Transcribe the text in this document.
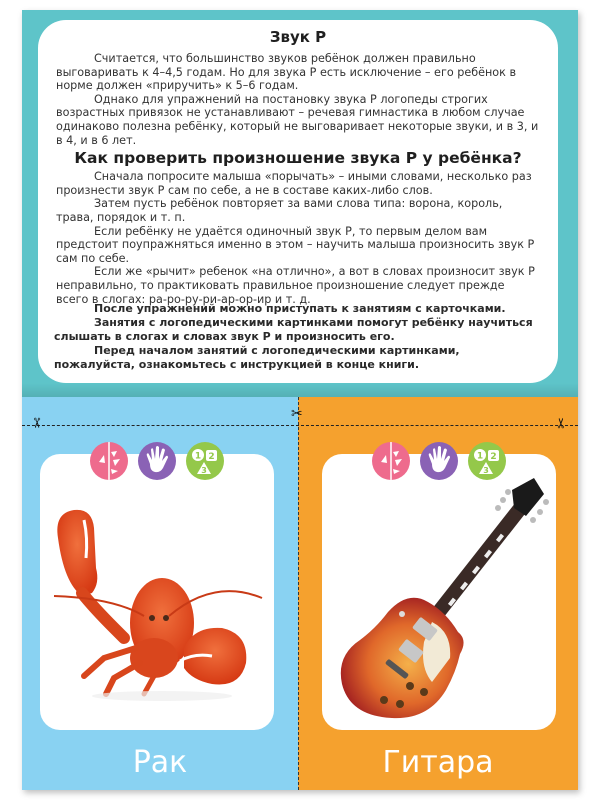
Звук Р

Считается, что большинство звуков ребёнок должен правильно выговаривать к 4–4,5 годам. Но для звука Р есть исключение – его ребёнок в норме должен «приручить» к 5–6 годам.

Однако для упражнений на постановку звука Р логопеды строгих возрастных привязок не устанавливают – речевая гимнастика в любом случае одинаково полезна ребёнку, который не выговаривает некоторые звуки, и в 3, и в 4, и в 6 лет.

Как проверить произношение звука Р у ребёнка?

Сначала попросите малыша «порычать» – иными словами, несколько раз произнести звук Р сам по себе, а не в составе каких-либо слов.

Затем пусть ребёнок повторяет за вами слова типа: ворона, король, трава, порядок и т. п.

Если ребёнку не удаётся одиночный звук Р, то первым делом вам предстоит поупражняться именно в этом – научить малыша произносить звук Р сам по себе.

Если же «рычит» ребенок «на отлично», а вот в словах произносит звук Р неправильно, то практиковать правильное произношение следует прежде всего в слогах: ра-ро-ру-ри-ар-ор-ир и т. д.

После упражнений можно приступать к занятиям с карточками.

Занятия с логопедическими картинками помогут ребёнку научиться слышать в слогах и словах звук Р и произносить его.

Перед началом занятий с логопедическими картинками, пожалуйста, ознакомьтесь с инструкцией в конце книги.

✂
✂
✂
1 2
3
1 2
3
Рак	Гитара
